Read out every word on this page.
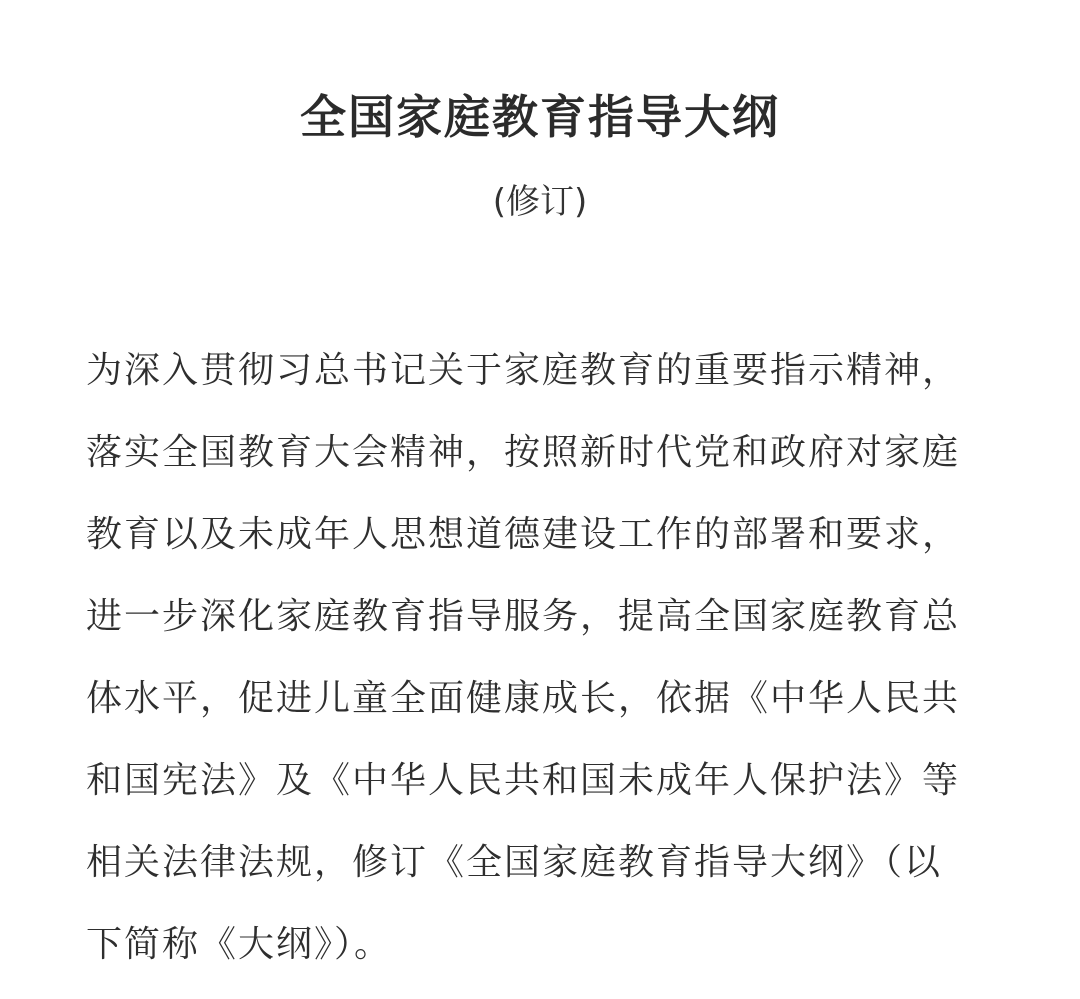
全国家庭教育指导大纲
(修订)

为深入贯彻习总书记关于家庭教育的重要指示精神，
落实全国教育大会精神，按照新时代党和政府对家庭
教育以及未成年人思想道德建设工作的部署和要求，
进一步深化家庭教育指导服务，提高全国家庭教育总
体水平，促进儿童全面健康成长，依据《中华人民共
和国宪法》及《中华人民共和国未成年人保护法》等
相关法律法规，修订《全国家庭教育指导大纲》（以
下简称《大纲》）。
